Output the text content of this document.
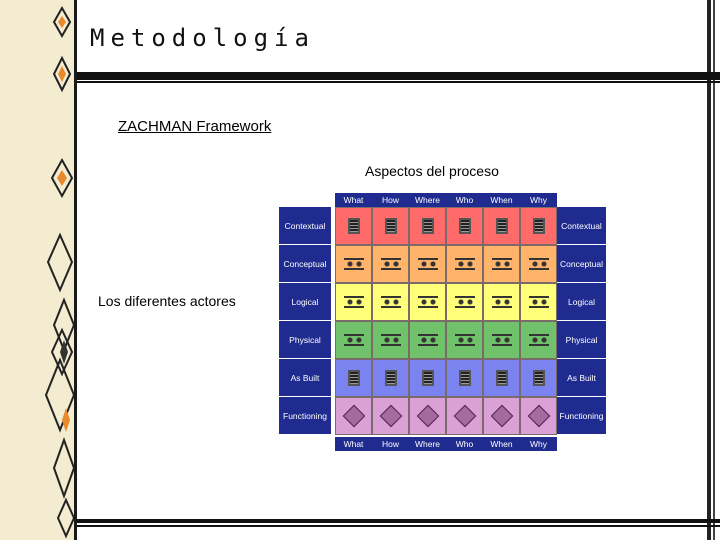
Metodología
ZACHMAN Framework
Aspectos del proceso
Los diferentes actores
What	How	Where	Who	When	Why
What	How	Where	Who	When	Why
Contextual	Contextual
Conceptual	Conceptual
Logical	Logical
Physical	Physical
As Built	As Built
Functioning	Functioning
